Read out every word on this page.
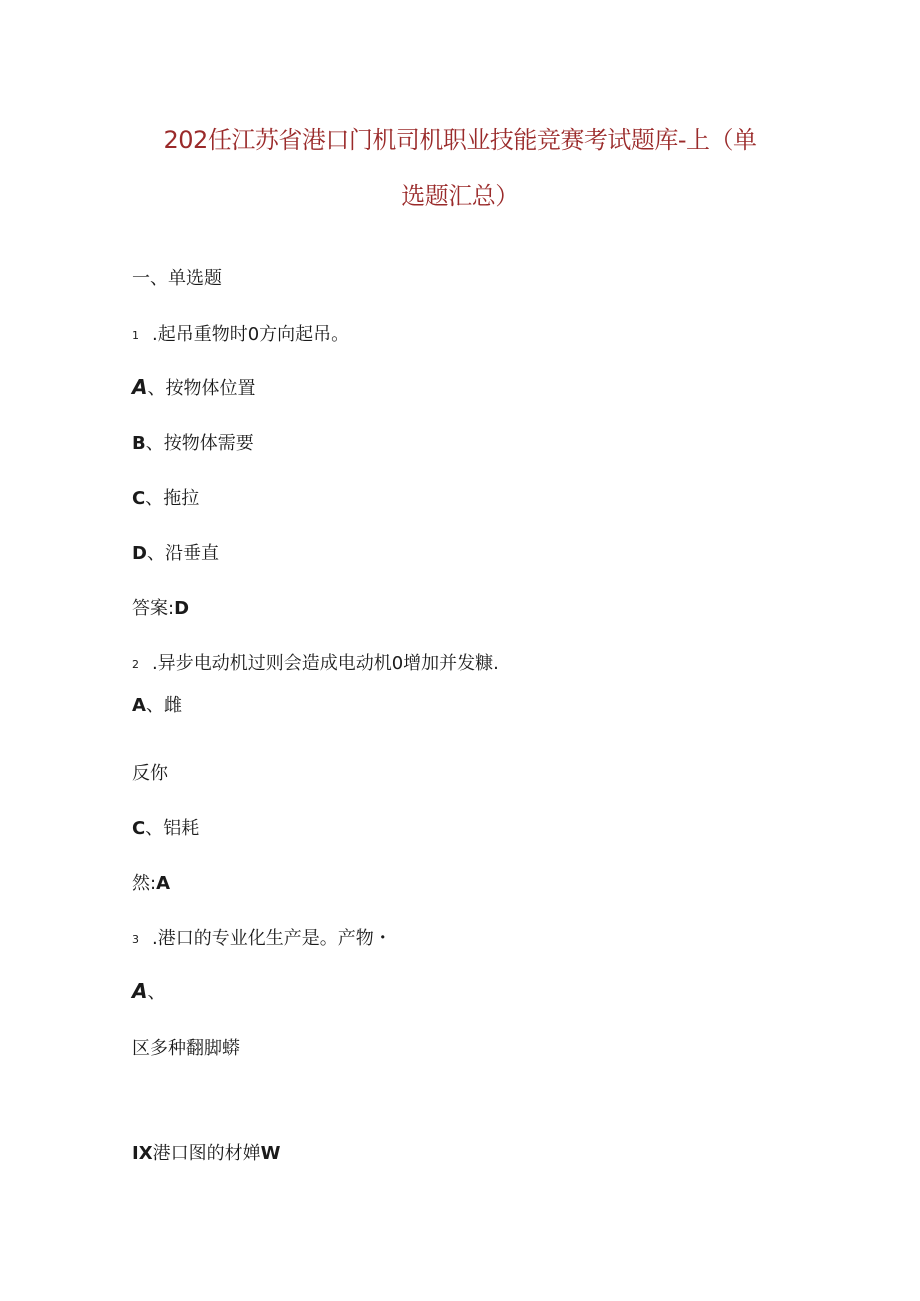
202任江苏省港口门机司机职业技能竞赛考试题库-上（单
选题汇总）
一、单选题
1 .起吊重物时0方向起吊。
A、按物体位置
B、按物体需要
C、拖拉
D、沿垂直
答案:D
2 .异步电动机过则会造成电动机0增加并发糠.
A、雌
反你
C、铝耗
然:A
3 .港口的专业化生产是。产物・
A、
区多种翻脚蟒
IX港口图的材婵W
